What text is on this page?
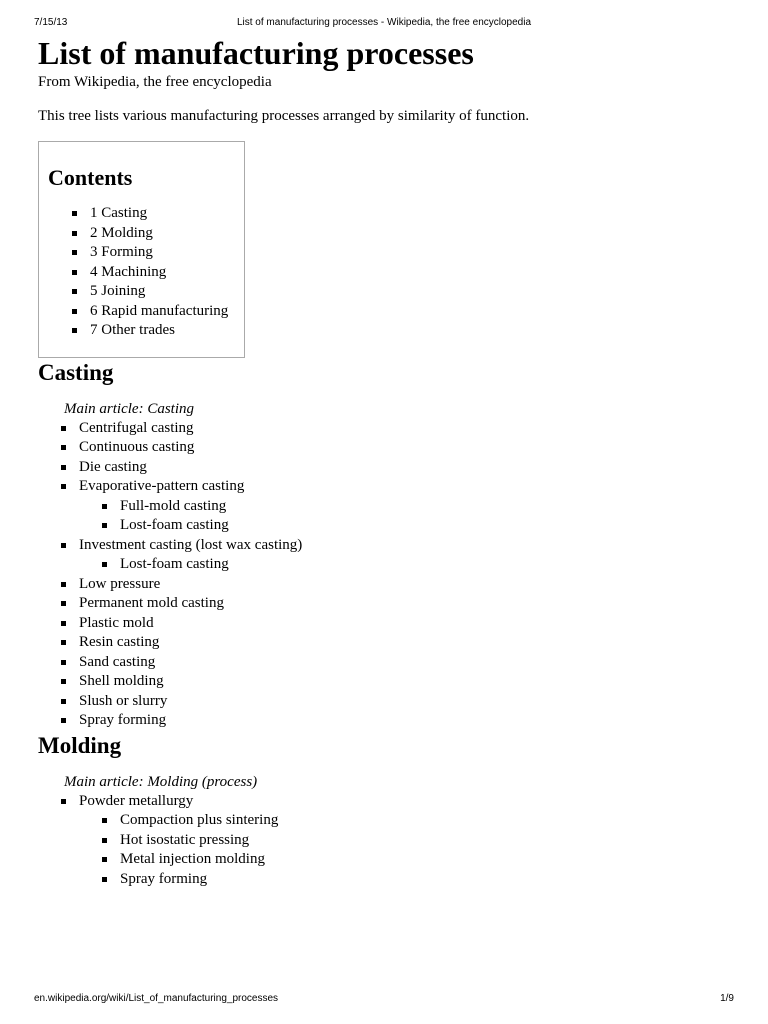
7/15/13	List of manufacturing processes - Wikipedia, the free encyclopedia
List of manufacturing processes
From Wikipedia, the free encyclopedia
This tree lists various manufacturing processes arranged by similarity of function.
Contents
1 Casting
2 Molding
3 Forming
4 Machining
5 Joining
6 Rapid manufacturing
7 Other trades
Casting
Main article: Casting
Centrifugal casting
Continuous casting
Die casting
Evaporative-pattern casting
Full-mold casting
Lost-foam casting
Investment casting (lost wax casting)
Lost-foam casting
Low pressure
Permanent mold casting
Plastic mold
Resin casting
Sand casting
Shell molding
Slush or slurry
Spray forming
Molding
Main article: Molding (process)
Powder metallurgy
Compaction plus sintering
Hot isostatic pressing
Metal injection molding
Spray forming
en.wikipedia.org/wiki/List_of_manufacturing_processes	1/9
